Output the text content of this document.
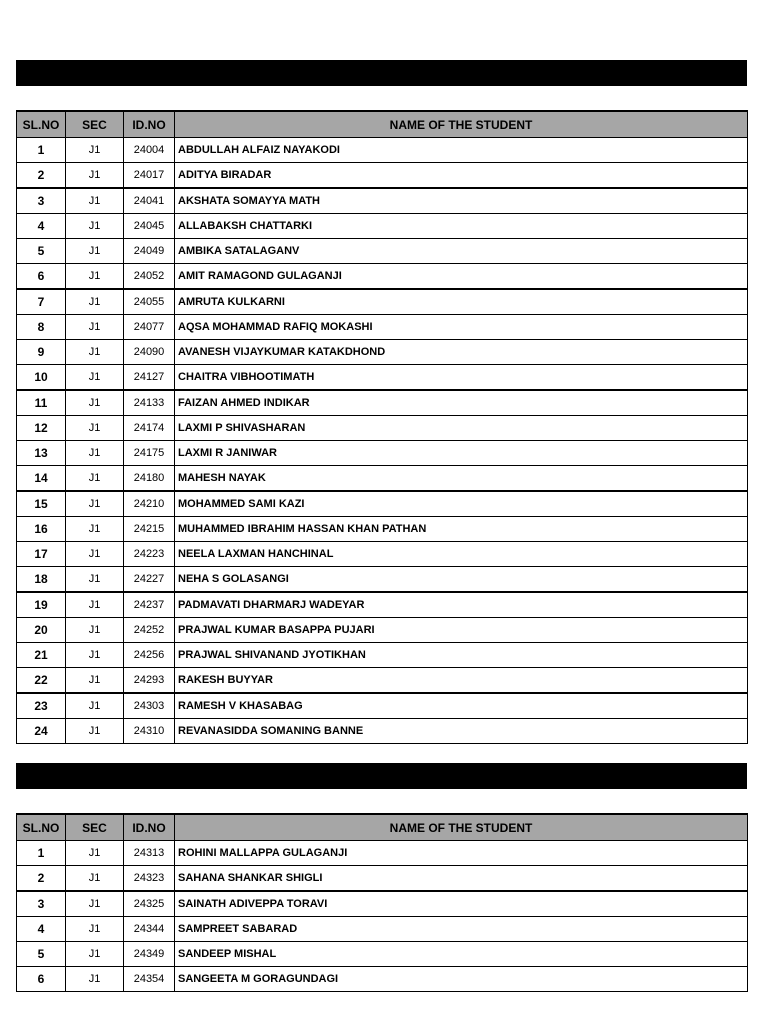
SL.NO	SEC	ID.NO	NAME OF THE STUDENT
1	J1	24004	ABDULLAH ALFAIZ NAYAKODI
2	J1	24017	ADITYA BIRADAR
3	J1	24041	AKSHATA SOMAYYA MATH
4	J1	24045	ALLABAKSH CHATTARKI
5	J1	24049	AMBIKA SATALAGANV
6	J1	24052	AMIT RAMAGOND GULAGANJI
7	J1	24055	AMRUTA KULKARNI
8	J1	24077	AQSA MOHAMMAD RAFIQ MOKASHI
9	J1	24090	AVANESH VIJAYKUMAR KATAKDHOND
10	J1	24127	CHAITRA VIBHOOTIMATH
11	J1	24133	FAIZAN AHMED INDIKAR
12	J1	24174	LAXMI P SHIVASHARAN
13	J1	24175	LAXMI R JANIWAR
14	J1	24180	MAHESH NAYAK
15	J1	24210	MOHAMMED SAMI KAZI
16	J1	24215	MUHAMMED IBRAHIM HASSAN KHAN PATHAN
17	J1	24223	NEELA LAXMAN HANCHINAL
18	J1	24227	NEHA S GOLASANGI
19	J1	24237	PADMAVATI DHARMARJ WADEYAR
20	J1	24252	PRAJWAL KUMAR BASAPPA PUJARI
21	J1	24256	PRAJWAL SHIVANAND JYOTIKHAN
22	J1	24293	RAKESH BUYYAR
23	J1	24303	RAMESH V KHASABAG
24	J1	24310	REVANASIDDA SOMANING BANNE
SL.NO	SEC	ID.NO	NAME OF THE STUDENT
1	J1	24313	ROHINI MALLAPPA GULAGANJI
2	J1	24323	SAHANA SHANKAR SHIGLI
3	J1	24325	SAINATH ADIVEPPA TORAVI
4	J1	24344	SAMPREET SABARAD
5	J1	24349	SANDEEP MISHAL
6	J1	24354	SANGEETA M GORAGUNDAGI
